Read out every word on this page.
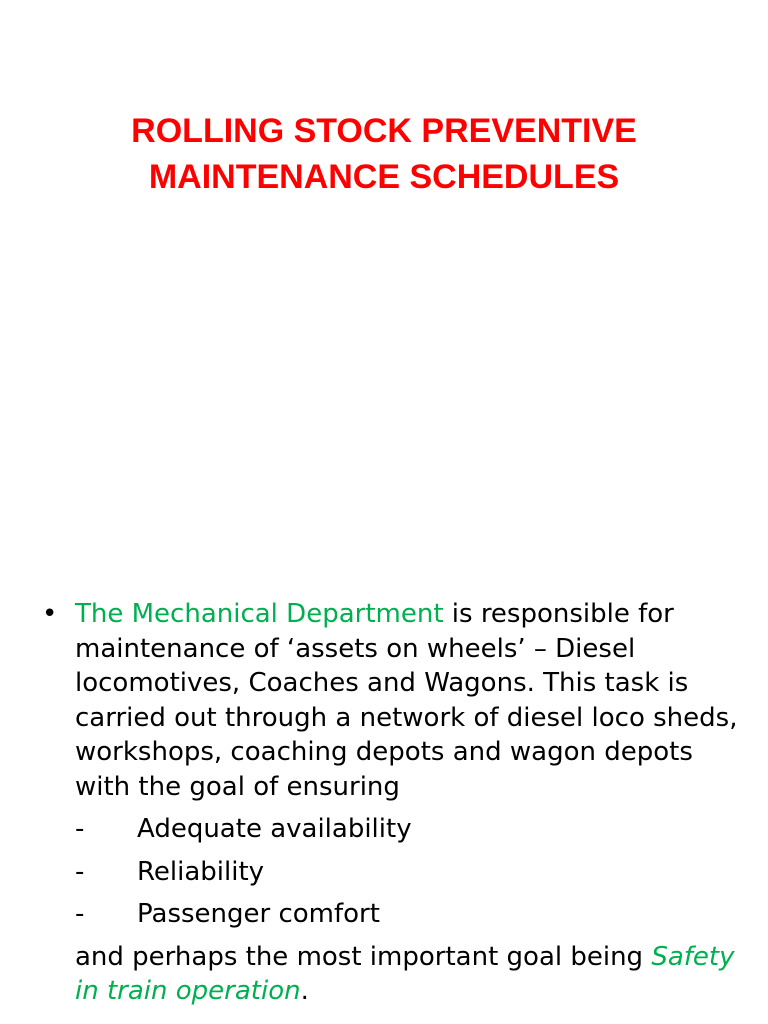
ROLLING STOCK PREVENTIVE
MAINTENANCE SCHEDULES
• The Mechanical Department is responsible for maintenance of ‘assets on wheels’ – Diesel locomotives, Coaches and Wagons. This task is carried out through a network of diesel loco sheds, workshops, coaching depots and wagon depots with the goal of ensuring
- Adequate availability
- Reliability
- Passenger comfort
and perhaps the most important goal being Safety in train operation.
